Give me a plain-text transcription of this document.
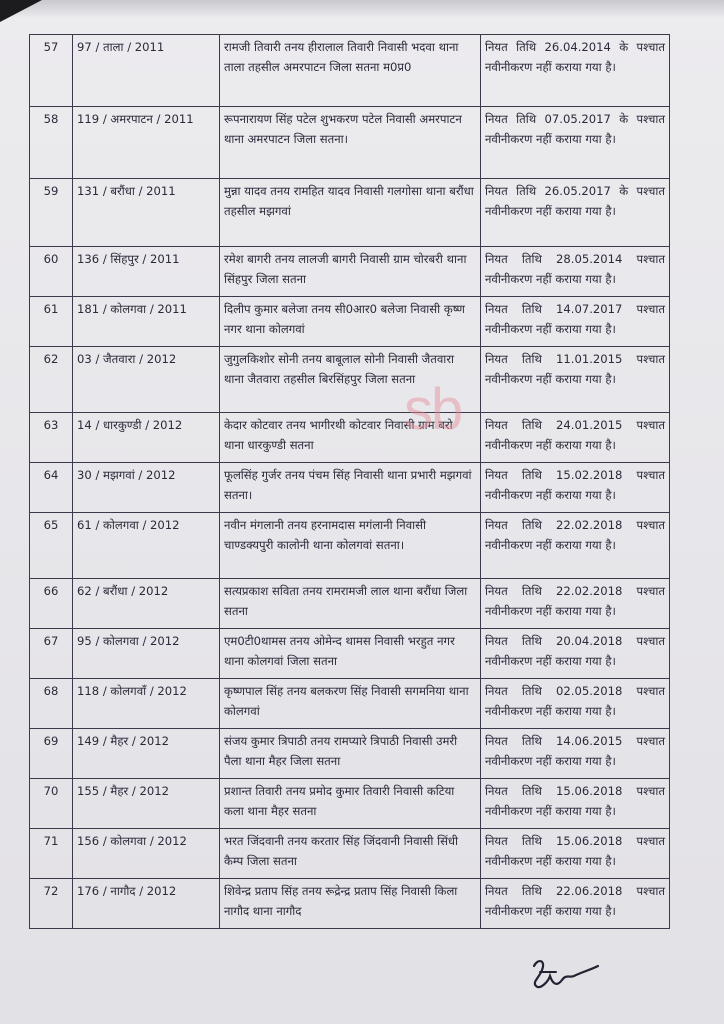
57	97 / ताला / 2011	रामजी तिवारी तनय हीरालाल तिवारी निवासी भदवा थाना ताला तहसील अमरपाटन जिला सतना म0प्र0	नियत तिथि 26.04.2014 के पश्चात नवीनीकरण नहीं कराया गया है।
58	119 / अमरपाटन / 2011	रूपनारायण सिंह पटेल शुभकरण पटेल निवासी अमरपाटन थाना अमरपाटन जिला सतना।	नियत तिथि 07.05.2017 के पश्चात नवीनीकरण नहीं कराया गया है।
59	131 / बरौंधा / 2011	मुन्ना यादव तनय रामहित यादव निवासी गलगोसा थाना बरौंधा तहसील मझगवां	नियत तिथि 26.05.2017 के पश्चात नवीनीकरण नहीं कराया गया है।
60	136 / सिंहपुर / 2011	रमेश बागरी तनय लालजी बागरी निवासी ग्राम चोरबरी थाना सिंहपुर जिला सतना	नियत तिथि 28.05.2014 पश्चात नवीनीकरण नहीं कराया गया है।
61	181 / कोलगवा / 2011	दिलीप कुमार बलेजा तनय सी0आर0 बलेजा निवासी कृष्ण नगर थाना कोलगवां	नियत तिथि 14.07.2017 पश्चात नवीनीकरण नहीं कराया गया है।
62	03 / जैतवारा / 2012	जुगुलकिशोर सोनी तनय बाबूलाल सोनी निवासी जैतवारा थाना जैतवारा तहसील बिरसिंहपुर जिला सतना	नियत तिथि 11.01.2015 पश्चात नवीनीकरण नहीं कराया गया है।
63	14 / धारकुण्डी / 2012	केदार कोटवार तनय भागीरथी कोटवार निवासी ग्राम बरो थाना धारकुण्डी सतना	नियत तिथि 24.01.2015 पश्चात नवीनीकरण नहीं कराया गया है।
64	30 / मझगवां / 2012	फूलसिंह गुर्जर तनय पंचम सिंह निवासी थाना प्रभारी मझगवां सतना।	नियत तिथि 15.02.2018 पश्चात नवीनीकरण नहीं कराया गया है।
65	61 / कोलगवा / 2012	नवीन मंगलानी तनय हरनामदास मगंलानी निवासी चाण्डक्यपुरी कालोनी थाना कोलगवां सतना।	नियत तिथि 22.02.2018 पश्चात नवीनीकरण नहीं कराया गया है।
66	62 / बरौंधा / 2012	सत्यप्रकाश सविता तनय रामरामजी लाल थाना बरौंधा जिला सतना	नियत तिथि 22.02.2018 पश्चात नवीनीकरण नहीं कराया गया है।
67	95 / कोलगवा / 2012	एम0टी0थामस तनय ओमेन्द थामस निवासी भरहुत नगर थाना कोलगवां जिला सतना	नियत तिथि 20.04.2018 पश्चात नवीनीकरण नहीं कराया गया है।
68	118 / कोलगवाँ / 2012	कृष्णपाल सिंह तनय बलकरण सिंह निवासी सगमनिया थाना कोलगवां	नियत तिथि 02.05.2018 पश्चात नवीनीकरण नहीं कराया गया है।
69	149 / मैहर / 2012	संजय कुमार त्रिपाठी तनय रामप्यारे त्रिपाठी निवासी उमरी पैला थाना मैहर जिला सतना	नियत तिथि 14.06.2015 पश्चात नवीनीकरण नहीं कराया गया है।
70	155 / मैहर / 2012	प्रशान्त तिवारी तनय प्रमोद कुमार तिवारी निवासी कटिया कला थाना मैहर सतना	नियत तिथि 15.06.2018 पश्चात नवीनीकरण नहीं कराया गया है।
71	156 / कोलगवा / 2012	भरत जिंदवानी तनय करतार सिंह जिंदवानी निवासी सिंधी कैम्प जिला सतना	नियत तिथि 15.06.2018 पश्चात नवीनीकरण नहीं कराया गया है।
72	176 / नागौद / 2012	शिवेन्द्र प्रताप सिंह तनय रूद्रेन्द्र प्रताप सिंह निवासी किला नागौद थाना नागौद	नियत तिथि 22.06.2018 पश्चात नवीनीकरण नहीं कराया गया है।
sb
